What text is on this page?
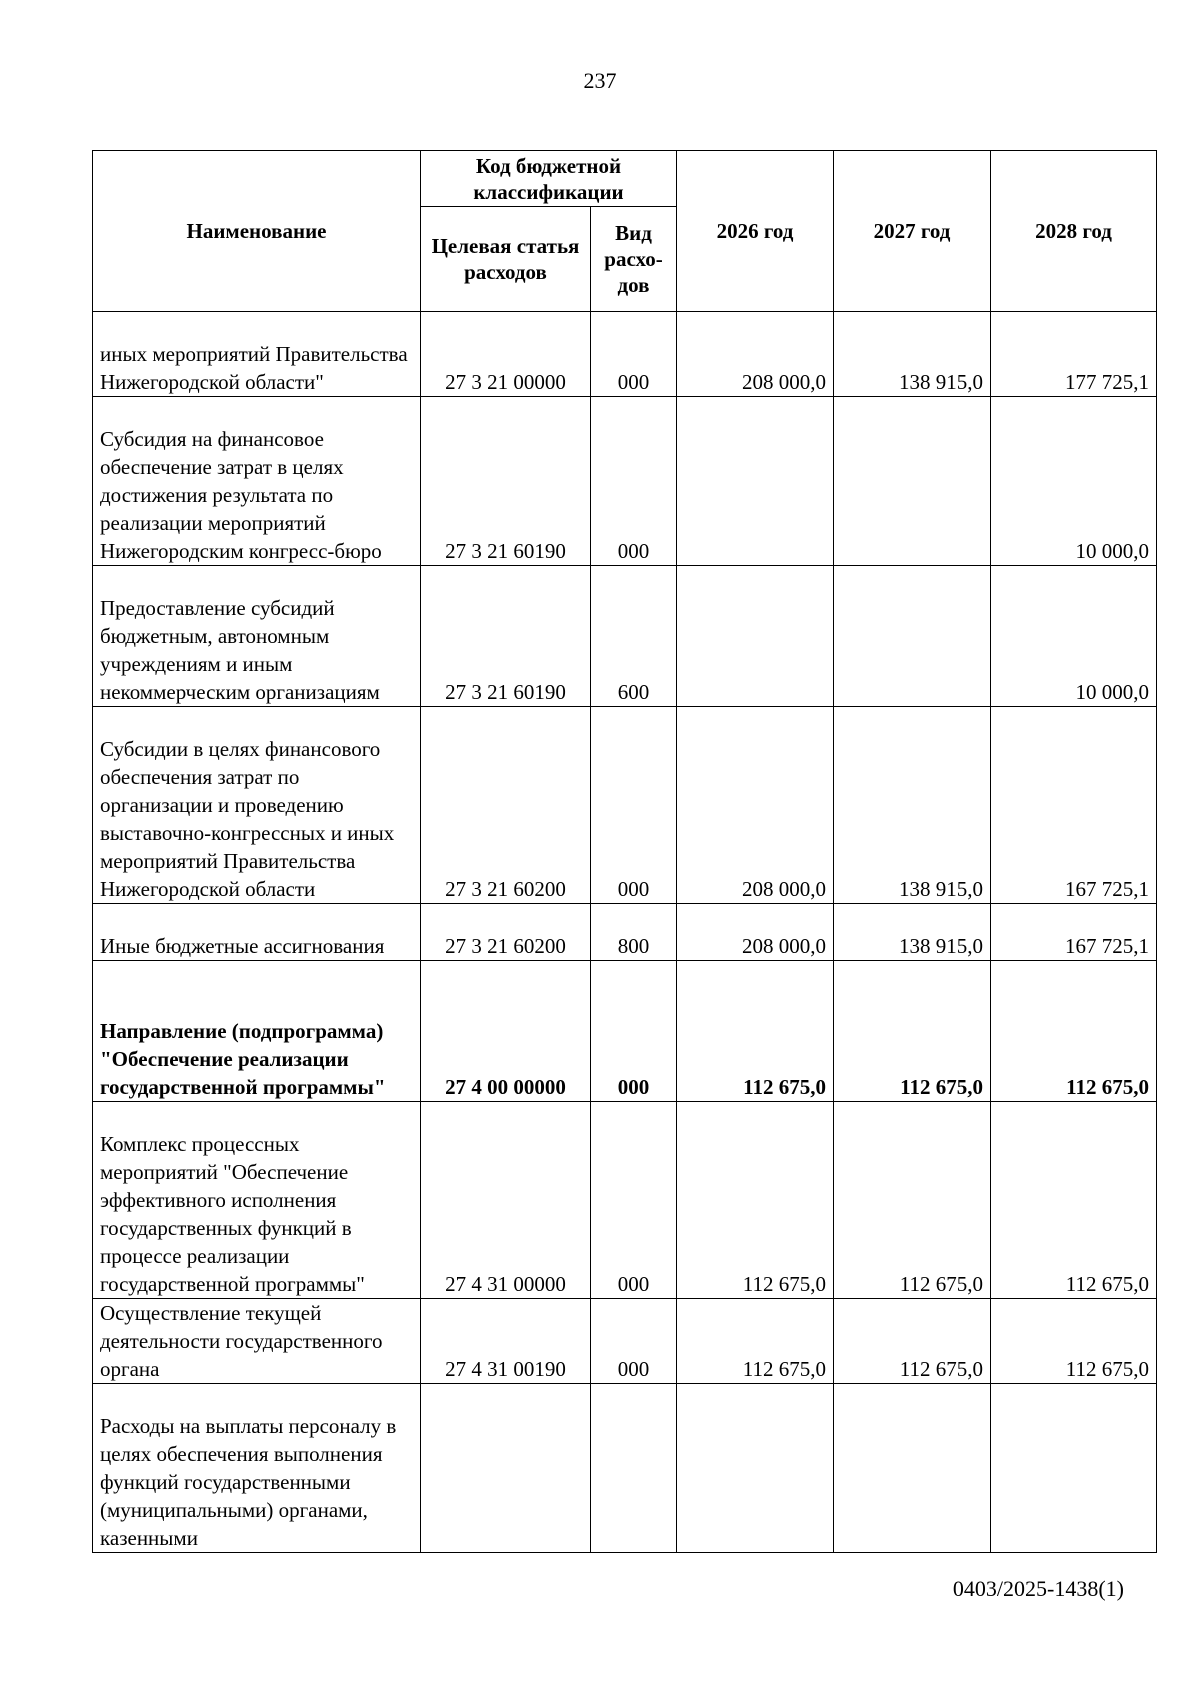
237
Наименование	Код бюджетной классификации		2026 год	2027 год	2028 год
	Целевая статья расходов	Вид расхо- дов			
иных мероприятий Правительства Нижегородской области"	27 3 21 00000	000	208 000,0	138 915,0	177 725,1
Субсидия на финансовое обеспечение затрат в целях достижения результата по реализации мероприятий Нижегородским конгресс-бюро	27 3 21 60190	000			10 000,0
Предоставление субсидий бюджетным, автономным учреждениям и иным некоммерческим организациям	27 3 21 60190	600			10 000,0
Субсидии в целях финансового обеспечения затрат по организации и проведению выставочно-конгрессных и иных мероприятий Правительства Нижегородской области	27 3 21 60200	000	208 000,0	138 915,0	167 725,1
Иные бюджетные ассигнования	27 3 21 60200	800	208 000,0	138 915,0	167 725,1
Направление (подпрограмма) "Обеспечение реализации государственной программы"	27 4 00 00000	000	112 675,0	112 675,0	112 675,0
Комплекс процессных мероприятий "Обеспечение эффективного исполнения государственных функций в процессе реализации государственной программы"	27 4 31 00000	000	112 675,0	112 675,0	112 675,0
Осуществление текущей деятельности государственного органа	27 4 31 00190	000	112 675,0	112 675,0	112 675,0
Расходы на выплаты персоналу в целях обеспечения выполнения функций государственными (муниципальными) органами, казенными					
0403/2025-1438(1)
